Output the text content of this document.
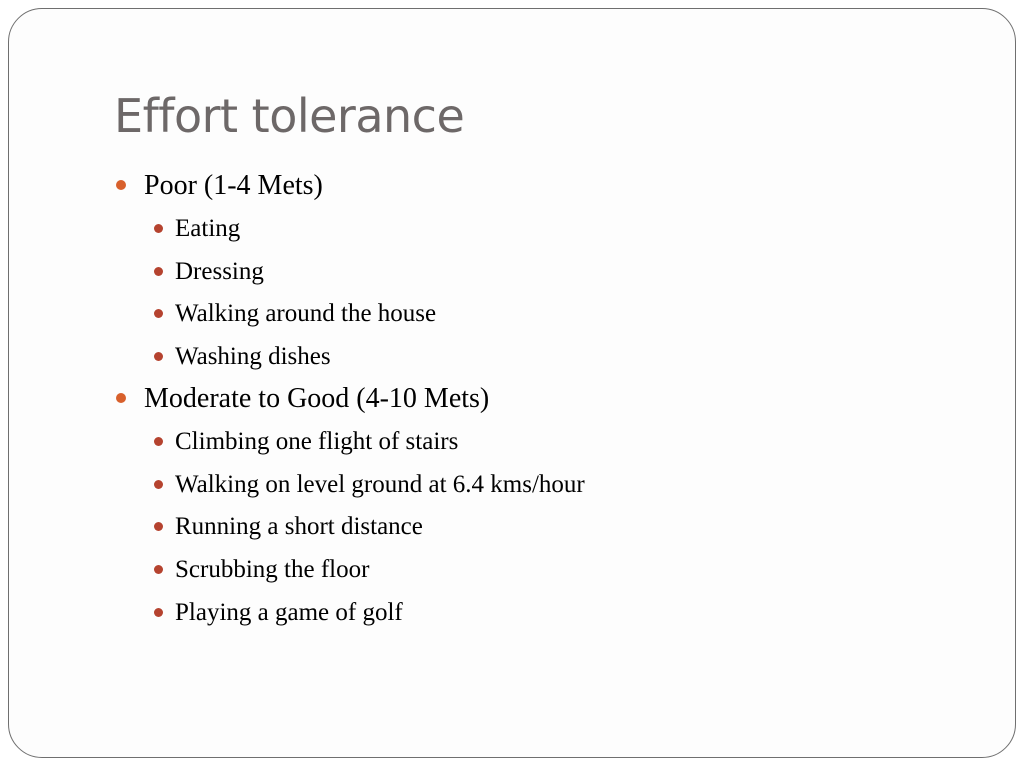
Effort tolerance
Poor (1-4 Mets)
Eating
Dressing
Walking around the house
Washing dishes
Moderate to Good (4-10 Mets)
Climbing one flight of stairs
Walking on level ground at 6.4 kms/hour
Running a short distance
Scrubbing the floor
Playing a game of golf
